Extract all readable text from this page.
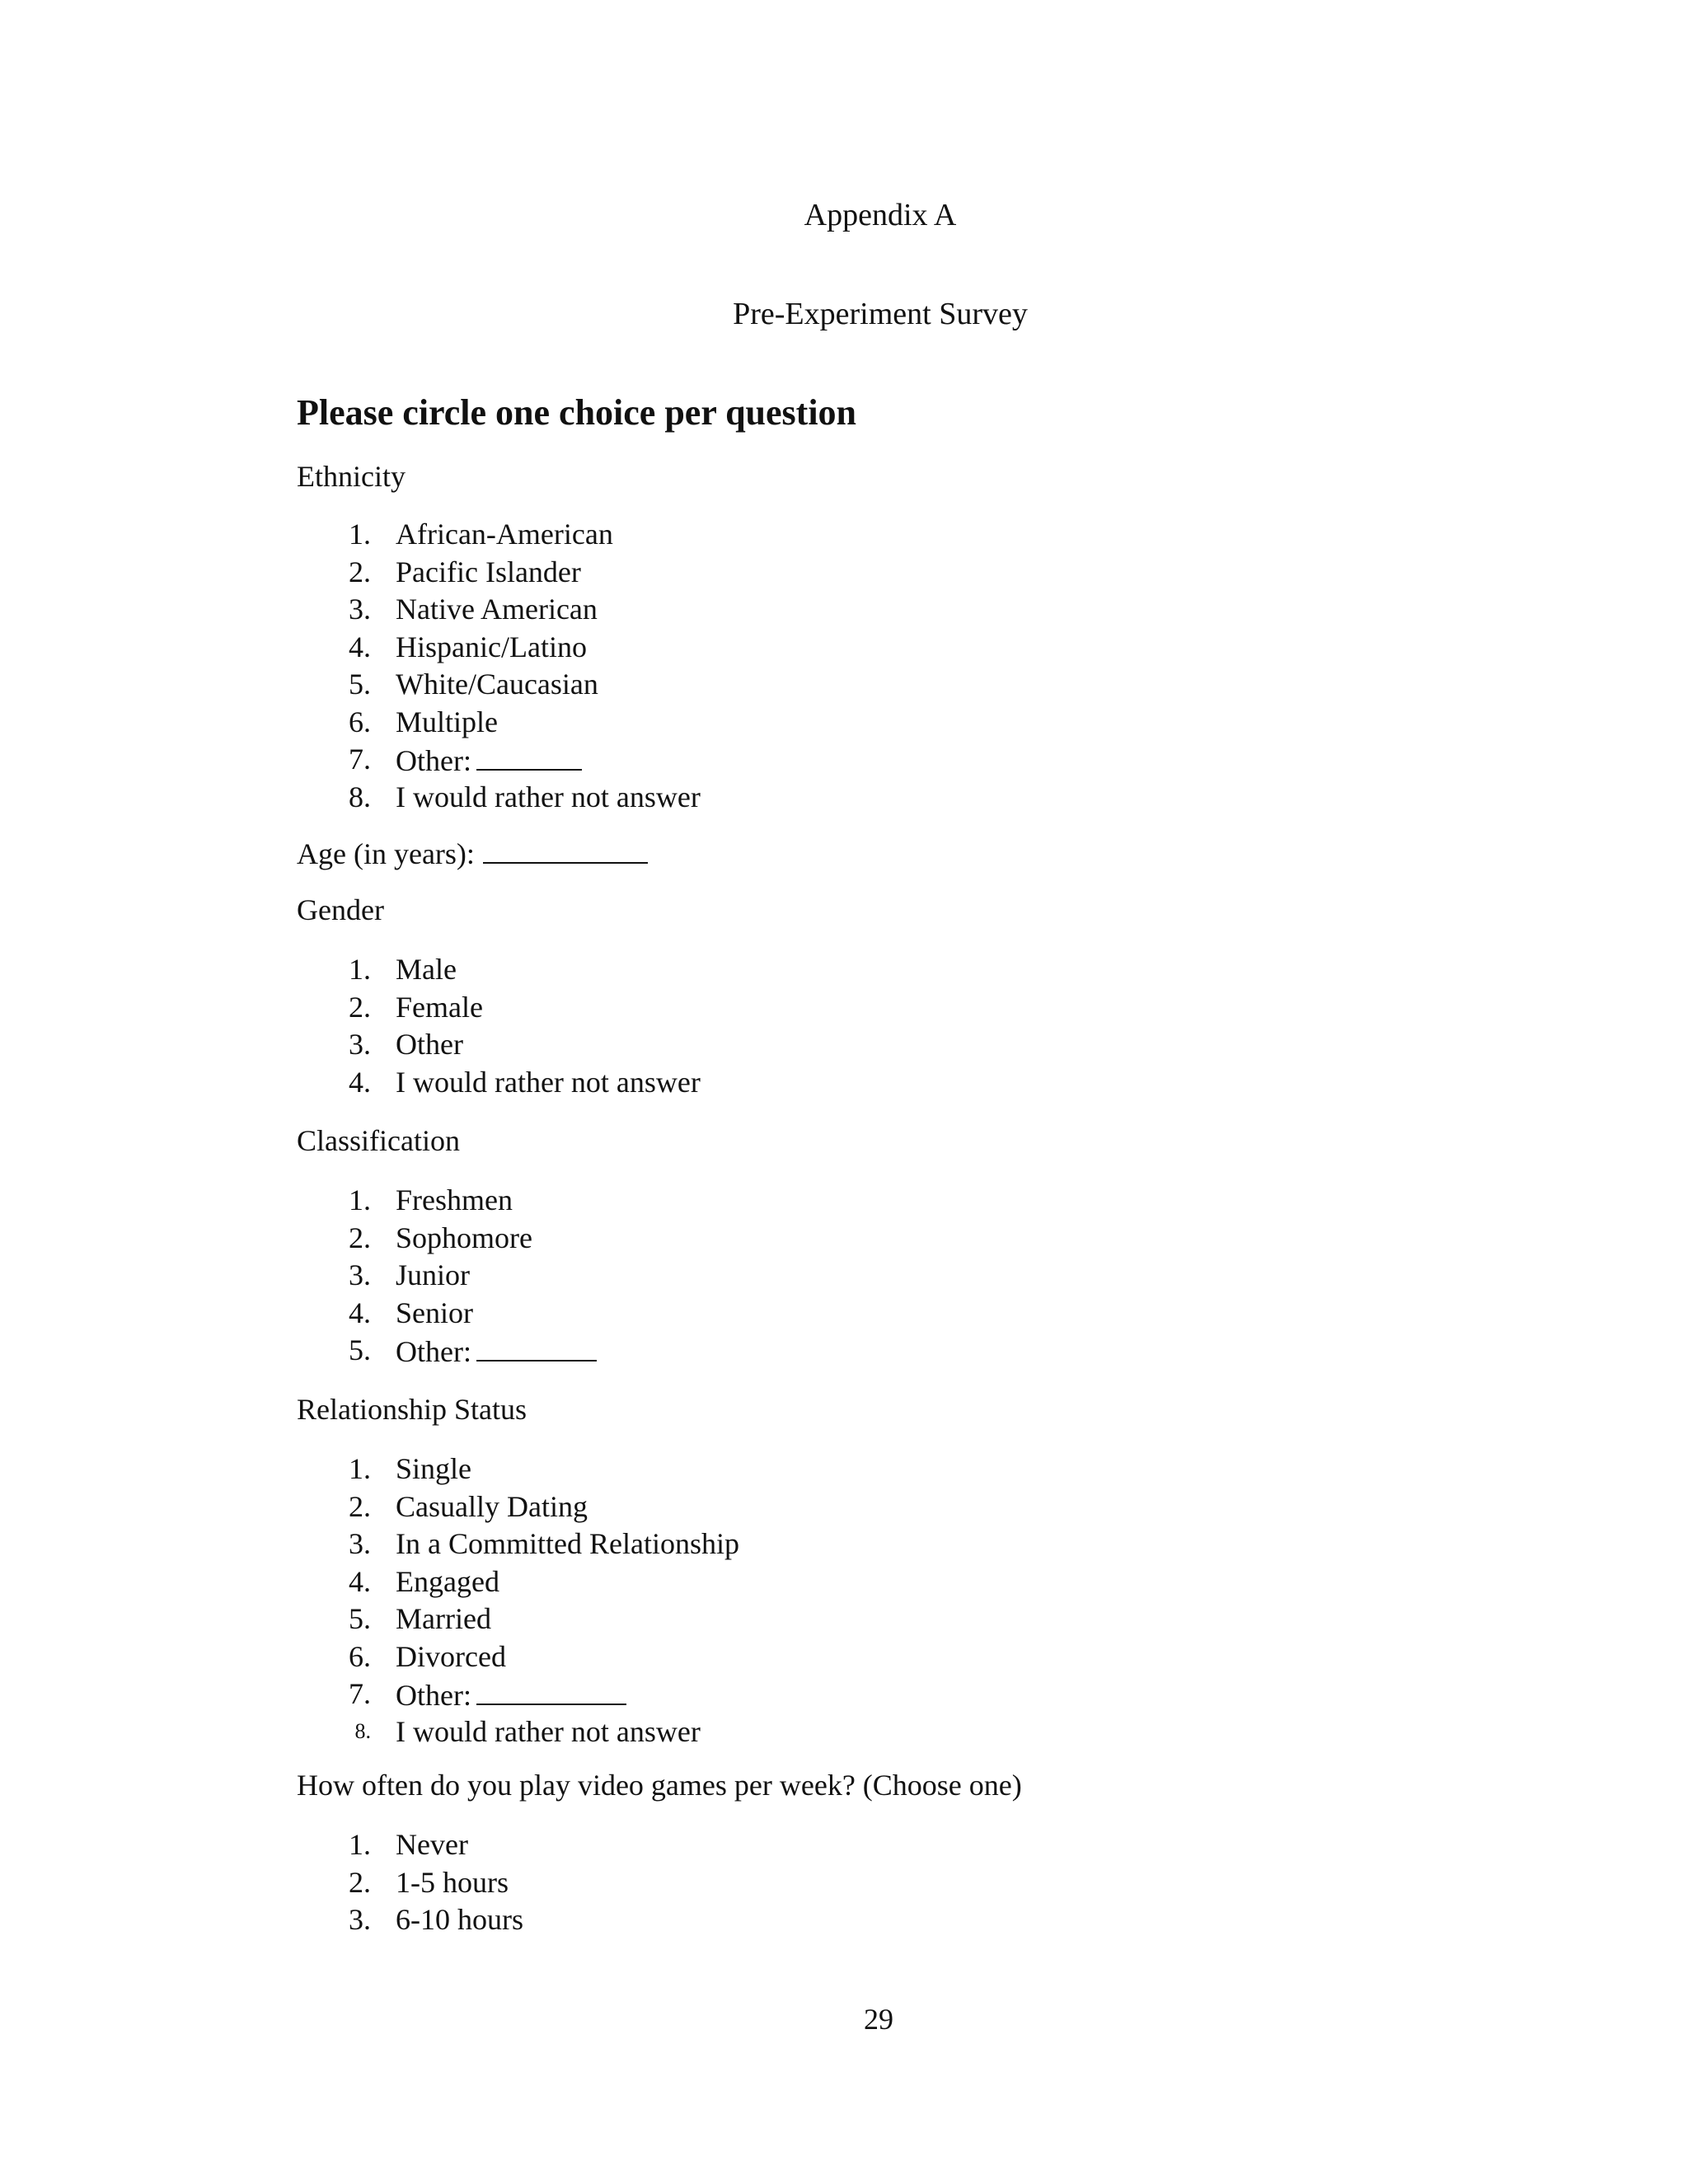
Appendix A
Pre-Experiment Survey
Please circle one choice per question
Ethnicity
1. African-American
2. Pacific Islander
3. Native American
4. Hispanic/Latino
5. White/Caucasian
6. Multiple
7. Other:
8. I would rather not answer
Age (in years):
Gender
1. Male
2. Female
3. Other
4. I would rather not answer
Classification
1. Freshmen
2. Sophomore
3. Junior
4. Senior
5. Other:
Relationship Status
1. Single
2. Casually Dating
3. In a Committed Relationship
4. Engaged
5. Married
6. Divorced
7. Other:
8. I would rather not answer
How often do you play video games per week? (Choose one)
1. Never
2. 1-5 hours
3. 6-10 hours
29
